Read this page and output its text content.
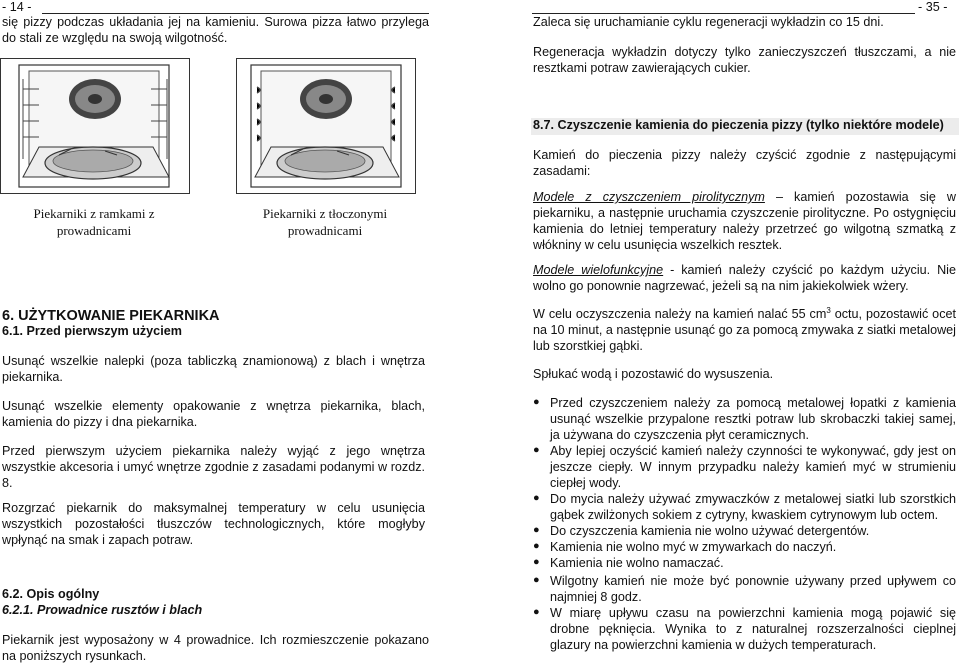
- 14 -
się pizzy podczas układania jej na kamieniu. Surowa pizza łatwo przylega do stali ze względu na swoją wilgotność.
Piekarniki z ramkami z prowadnicami
Piekarniki z tłoczonymi prowadnicami
6. UŻYTKOWANIE PIEKARNIKA
6.1. Przed pierwszym użyciem
Usunąć wszelkie nalepki (poza tabliczką znamionową) z blach i wnętrza piekarnika.
Usunąć wszelkie elementy opakowanie z wnętrza piekarnika, blach, kamienia do pizzy i dna piekarnika.
Przed pierwszym użyciem piekarnika należy wyjąć z jego wnętrza wszystkie akcesoria i umyć wnętrze zgodnie z zasadami podanymi w rozdz. 8.
Rozgrzać piekarnik do maksymalnej temperatury w celu usunięcia wszystkich pozostałości tłuszczów technologicznych, które mogłyby wpłynąć na smak i zapach potraw.
6.2. Opis ogólny
6.2.1. Prowadnice rusztów i blach
Piekarnik jest wyposażony w 4 prowadnice. Ich rozmieszczenie pokazano na poniższych rysunkach.
- 35 -
Zaleca się uruchamianie cyklu regeneracji wykładzin co 15 dni.
Regeneracja wykładzin dotyczy tylko zanieczyszczeń tłuszczami, a nie resztkami potraw zawierających cukier.
8.7. Czyszczenie kamienia do pieczenia pizzy (tylko niektóre modele)
Kamień do pieczenia pizzy należy czyścić zgodnie z następującymi zasadami:
Modele z czyszczeniem pirolitycznym – kamień pozostawia się w piekarniku, a następnie uruchamia czyszczenie pirolityczne. Po ostygnięciu kamienia do letniej temperatury należy przetrzeć go wilgotną szmatką z włókniny w celu usunięcia wszelkich resztek.
Modele wielofunkcyjne - kamień należy czyścić po każdym użyciu. Nie wolno go ponownie nagrzewać, jeżeli są na nim jakiekolwiek wżery.
W celu oczyszczenia należy na kamień nalać 55 $cm^3$ octu, pozostawić ocet na 10 minut, a następnie usunąć go za pomocą zmywaka z siatki metalowej lub szorstkiej gąbki.
Spłukać wodą i pozostawić do wysuszenia.
● Przed czyszczeniem należy za pomocą metalowej łopatki z kamienia usunąć wszelkie przypalone resztki potraw lub skrobaczki takiej samej, ja używana do czyszczenia płyt ceramicznych.
● Aby lepiej oczyścić kamień należy czynności te wykonywać, gdy jest on jeszcze ciepły. W innym przypadku należy kamień myć w strumieniu ciepłej wody.
● Do mycia należy używać zmywaczków z metalowej siatki lub szorstkich gąbek zwilżonych sokiem z cytryny, kwaskiem cytrynowym lub octem.
● Do czyszczenia kamienia nie wolno używać detergentów.
● Kamienia nie wolno myć w zmywarkach do naczyń.
● Kamienia nie wolno namaczać.
● Wilgotny kamień nie może być ponownie używany przed upływem co najmniej 8 godz.
● W miarę upływu czasu na powierzchni kamienia mogą pojawić się drobne pęknięcia. Wynika to z naturalnej rozszerzalności cieplnej glazury na powierzchni kamienia w dużych temperaturach.
